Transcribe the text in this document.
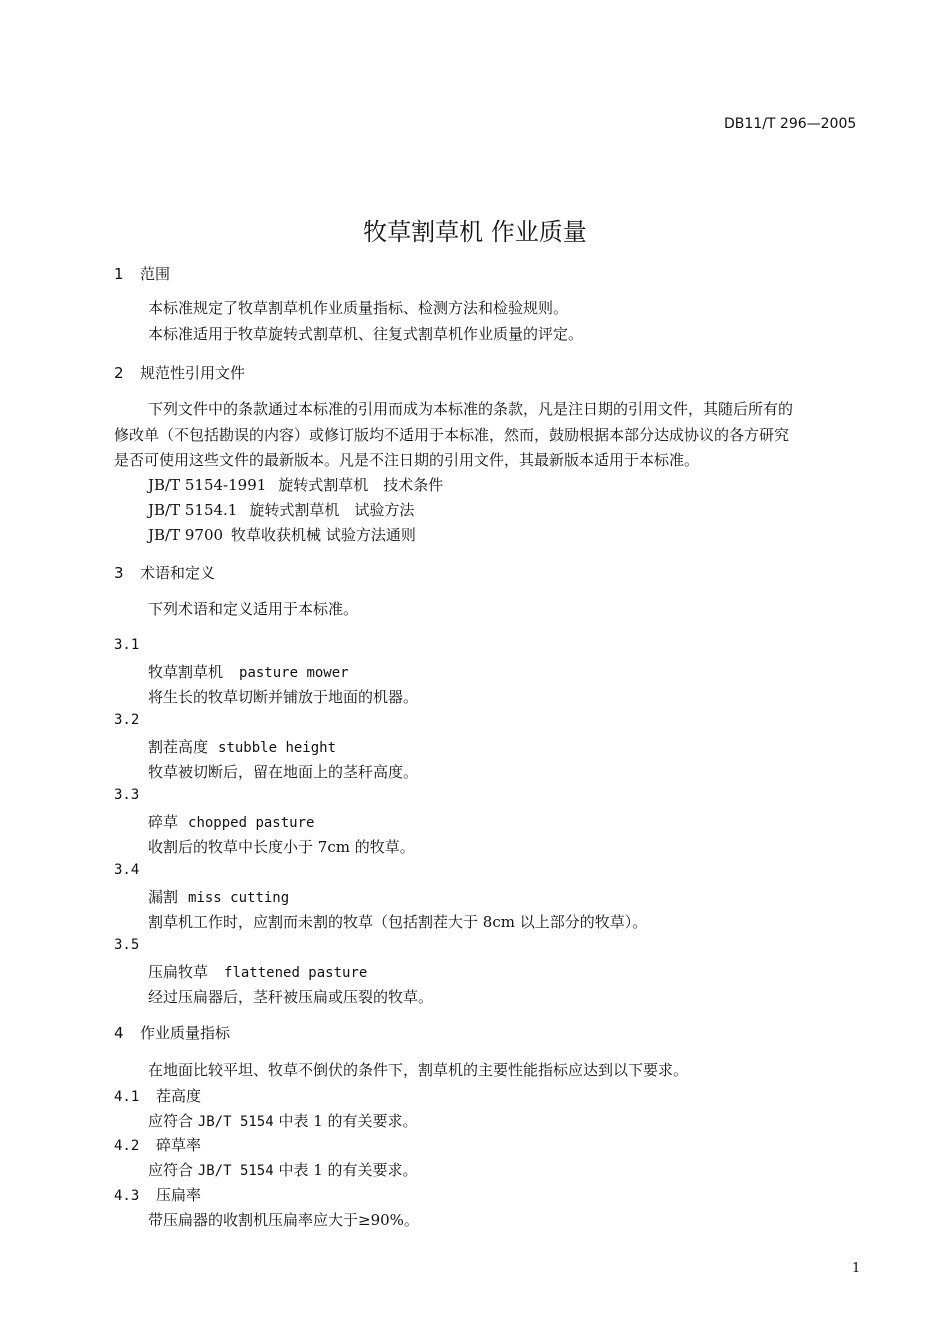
DB11/T 296—2005
牧草割草机 作业质量
1 范围
本标准规定了牧草割草机作业质量指标、检测方法和检验规则。
本标准适用于牧草旋转式割草机、往复式割草机作业质量的评定。
2 规范性引用文件
下列文件中的条款通过本标准的引用而成为本标准的条款，凡是注日期的引用文件，其随后所有的
修改单（不包括勘误的内容）或修订版均不适用于本标准，然而，鼓励根据本部分达成协议的各方研究
是否可使用这些文件的最新版本。凡是不注日期的引用文件，其最新版本适用于本标准。
JB/T 5154-1991 旋转式割草机　技术条件
JB/T 5154.1 旋转式割草机　试验方法
JB/T 9700 牧草收获机械 试验方法通则
3 术语和定义
下列术语和定义适用于本标准。
3.1
牧草割草机 pasture mower
将生长的牧草切断并铺放于地面的机器。
3.2
割茬高度 stubble height
牧草被切断后，留在地面上的茎秆高度。
3.3
碎草 chopped pasture
收割后的牧草中长度小于 7cm 的牧草。
3.4
漏割 miss cutting
割草机工作时，应割而未割的牧草（包括割茬大于 8cm 以上部分的牧草）。
3.5
压扁牧草 flattened pasture
经过压扁器后，茎秆被压扁或压裂的牧草。
4 作业质量指标
在地面比较平坦、牧草不倒伏的条件下，割草机的主要性能指标应达到以下要求。
4.1 茬高度
应符合 JB/T 5154 中表 1 的有关要求。
4.2 碎草率
应符合 JB/T 5154 中表 1 的有关要求。
4.3 压扁率
带压扁器的收割机压扁率应大于≥90%。
1
